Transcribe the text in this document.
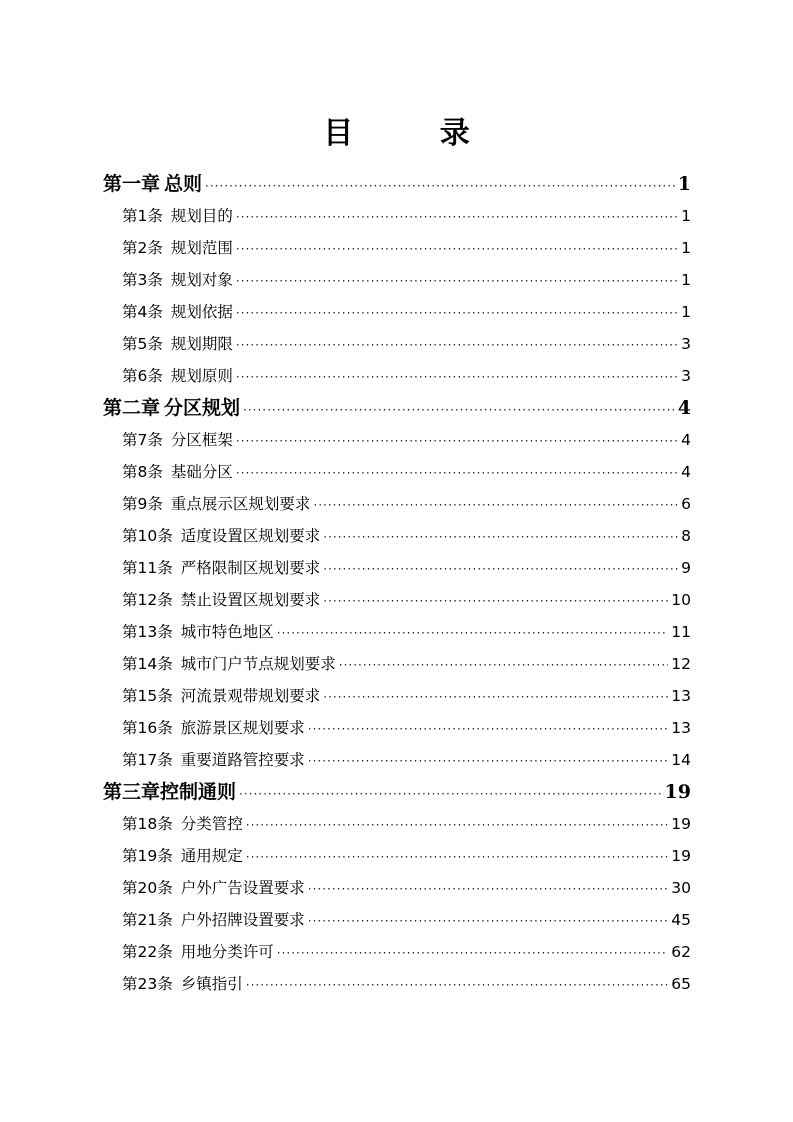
目 录
第一章 总则 ·····	1
第1条 规划目的 ·····	1
第2条 规划范围 ·····	1
第3条 规划对象 ·····	1
第4条 规划依据 ·····	1
第5条 规划期限 ·····	3
第6条 规划原则 ·····	3
第二章 分区规划 ·····	4
第7条 分区框架 ·····	4
第8条 基础分区 ·····	4
第9条 重点展示区规划要求 ·····	6
第10条 适度设置区规划要求 ·····	8
第11条 严格限制区规划要求 ·····	9
第12条 禁止设置区规划要求 ·····	10
第13条 城市特色地区 ·····	11
第14条 城市门户节点规划要求 ·····	12
第15条 河流景观带规划要求 ·····	13
第16条 旅游景区规划要求 ·····	13
第17条 重要道路管控要求 ·····	14
第三章 控制通则 ·····	19
第18条 分类管控 ·····	19
第19条 通用规定 ·····	19
第20条 户外广告设置要求 ·····	30
第21条 户外招牌设置要求 ·····	45
第22条 用地分类许可 ·····	62
第23条 乡镇指引 ·····	65
